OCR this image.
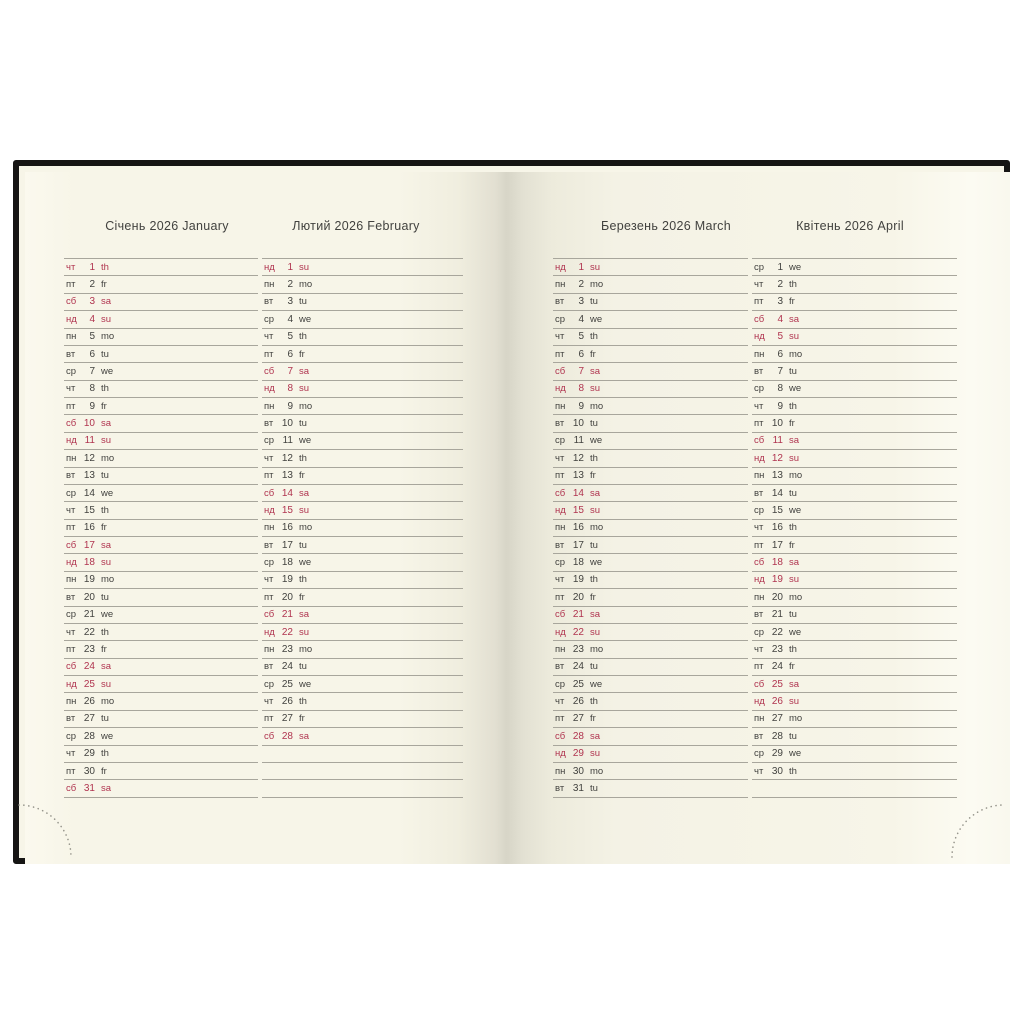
Січень 2026 January	Лютий 2026 February	Березень 2026 March	Квітень 2026 April
чт	1 th
пт	2 fr
сб	3 sa
нд	4 su
пн	5 mo
вт	6 tu
ср	7 we
чт	8 th
пт	9 fr
сб 10 sa
нд 11 su
пн 12 mo
вт 13 tu
ср 14 we
чт 15 th
пт 16 fr
сб 17 sa
нд 18 su
пн 19 mo
вт 20 tu
ср 21 we
чт 22 th
пт 23 fr
сб 24 sa
нд 25 su
пн 26 mo
вт 27 tu
ср 28 we
чт 29 th
пт 30 fr
сб 31 sa
нд	1 su
пн	2 mo
вт	3 tu
ср	4 we
чт	5 th
пт	6 fr
сб	7 sa
нд	8 su
пн	9 mo
вт 10 tu
ср 11 we
чт 12 th
пт 13 fr
сб 14 sa
нд 15 su
пн 16 mo
вт 17 tu
ср 18 we
чт 19 th
пт 20 fr
сб 21 sa
нд 22 su
пн 23 mo
вт 24 tu
ср 25 we
чт 26 th
пт 27 fr
сб 28 sa
нд	1 su
пн	2 mo
вт	3 tu
ср	4 we
чт	5 th
пт	6 fr
сб	7 sa
нд	8 su
пн	9 mo
вт 10 tu
ср 11 we
чт 12 th
пт 13 fr
сб 14 sa
нд 15 su
пн 16 mo
вт 17 tu
ср 18 we
чт 19 th
пт 20 fr
сб 21 sa
нд 22 su
пн 23 mo
вт 24 tu
ср 25 we
чт 26 th
пт 27 fr
сб 28 sa
нд 29 su
пн 30 mo
вт 31 tu
ср	1 we
чт	2 th
пт	3 fr
сб	4 sa
нд	5 su
пн	6 mo
вт	7 tu
ср	8 we
чт	9 th
пт 10 fr
сб 11 sa
нд 12 su
пн 13 mo
вт 14 tu
ср 15 we
чт 16 th
пт 17 fr
сб 18 sa
нд 19 su
пн 20 mo
вт 21 tu
ср 22 we
чт 23 th
пт 24 fr
сб 25 sa
нд 26 su
пн 27 mo
вт 28 tu
ср 29 we
чт 30 th
